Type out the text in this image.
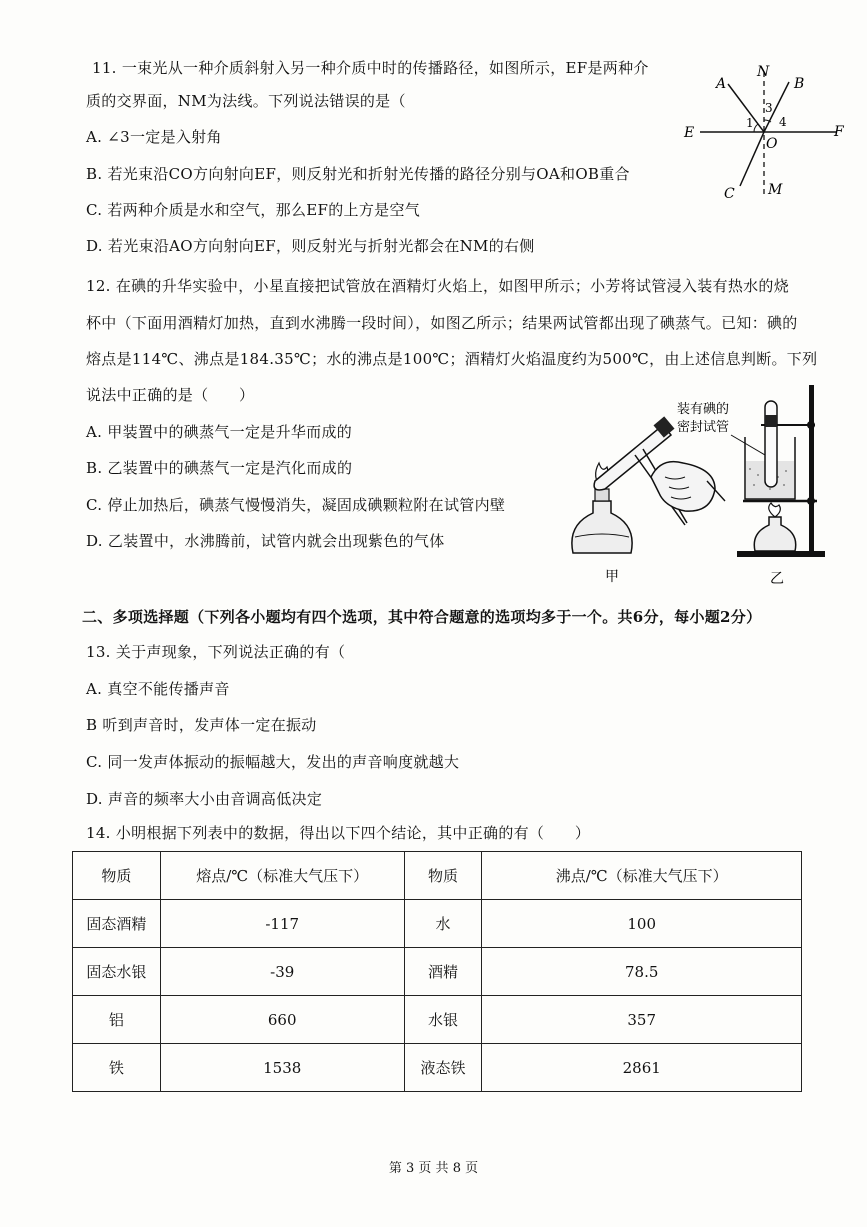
11. 一束光从一种介质斜射入另一种介质中时的传播路径，如图所示，EF是两种介
质的交界面，NM为法线。下列说法错误的是（
A. ∠3一定是入射角
B. 若光束沿CO方向射向EF，则反射光和折射光传播的路径分别与OA和OB重合
C. 若两种介质是水和空气，那么EF的上方是空气
D. 若光束沿AO方向射向EF，则反射光与折射光都会在NM的右侧
A
N
B
E	F
O
C M
1
3
4
12. 在碘的升华实验中，小星直接把试管放在酒精灯火焰上，如图甲所示；小芳将试管浸入装有热水的烧
杯中（下面用酒精灯加热，直到水沸腾一段时间），如图乙所示；结果两试管都出现了碘蒸气。已知：碘的
熔点是114℃、沸点是184.35℃；水的沸点是100℃；酒精灯火焰温度约为500℃，由上述信息判断。下列
说法中正确的是（　　）
A. 甲装置中的碘蒸气一定是升华而成的
B. 乙装置中的碘蒸气一定是汽化而成的
C. 停止加热后，碘蒸气慢慢消失，凝固成碘颗粒附在试管内壁
D. 乙装置中，水沸腾前，试管内就会出现紫色的气体
装有碘的
密封试管
甲	乙
二、多项选择题（下列各小题均有四个选项，其中符合题意的选项均多于一个。共6分，每小题2分）
13. 关于声现象，下列说法正确的有（
A. 真空不能传播声音
B 听到声音时，发声体一定在振动
C. 同一发声体振动的振幅越大，发出的声音响度就越大
D. 声音的频率大小由音调高低决定
14. 小明根据下列表中的数据，得出以下四个结论，其中正确的有（　　）
物质	熔点/℃（标准大气压下）	物质	沸点/℃（标准大气压下）
固态酒精	-117	水	100
固态水银	-39	酒精	78.5
铝	660	水银	357
铁	1538	液态铁	2861
第 3 页 共 8 页
